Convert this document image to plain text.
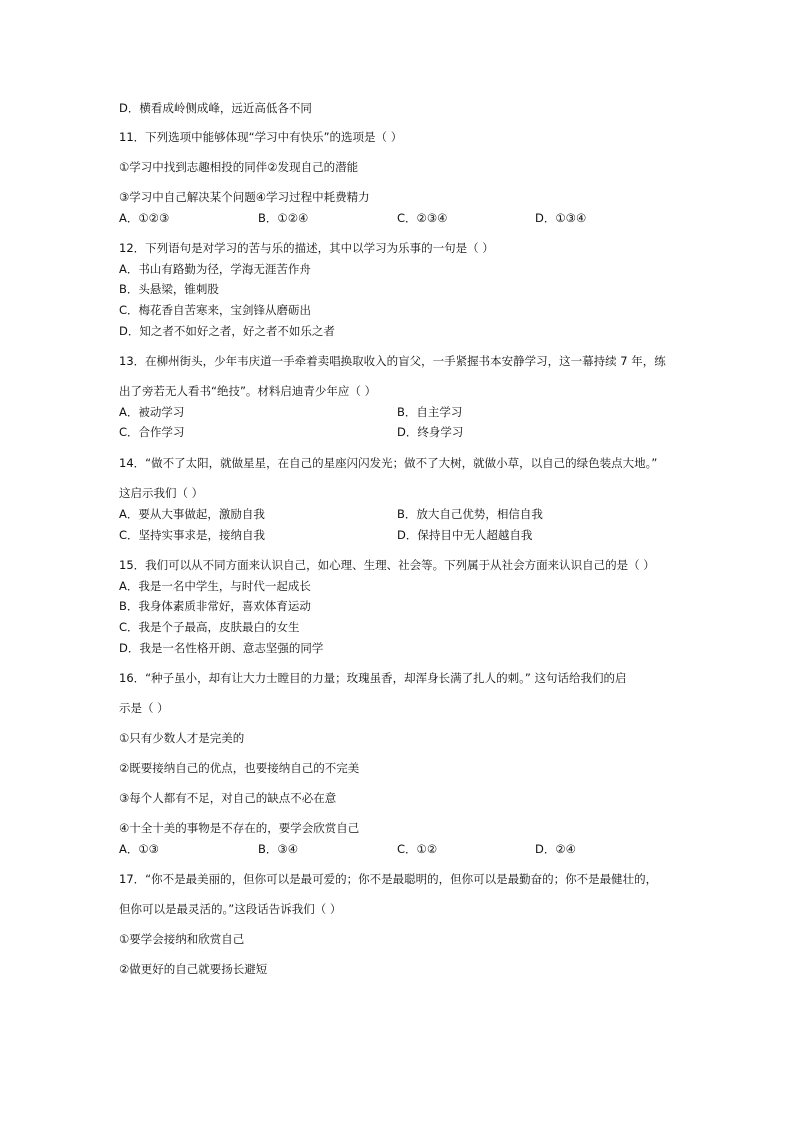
D．横看成岭侧成峰，远近高低各不同
11．下列选项中能够体现“学习中有快乐”的选项是（ ）
①学习中找到志趣相投的同伴②发现自己的潜能
③学习中自己解决某个问题④学习过程中耗费精力
A．①②③	B．①②④	C．②③④	D．①③④
12．下列语句是对学习的苦与乐的描述，其中以学习为乐事的一句是（ ）
A．书山有路勤为径，学海无涯苦作舟
B．头悬梁，锥刺股
C．梅花香自苦寒来，宝剑锋从磨砺出
D．知之者不如好之者，好之者不如乐之者
13．在柳州街头，少年韦庆道一手牵着卖唱换取收入的盲父，一手紧握书本安静学习，这一幕持续 7 年，练
出了旁若无人看书“绝技”。材料启迪青少年应（ ）
A．被动学习	B．自主学习
C．合作学习	D．终身学习
14．“做不了太阳，就做星星，在自己的星座闪闪发光；做不了大树，就做小草，以自己的绿色装点大地。”
这启示我们（ ）
A．要从大事做起，激励自我	B．放大自己优势，相信自我
C．坚持实事求是，接纳自我	D．保持目中无人超越自我
15．我们可以从不同方面来认识自己，如心理、生理、社会等。下列属于从社会方面来认识自己的是（ ）
A．我是一名中学生，与时代一起成长
B．我身体素质非常好，喜欢体育运动
C．我是个子最高，皮肤最白的女生
D．我是一名性格开朗、意志坚强的同学
16．“种子虽小，却有让大力士瞠目的力量；玫瑰虽香，却浑身长满了扎人的刺。” 这句话给我们的启
示是（ ）
①只有少数人才是完美的
②既要接纳自己的优点，也要接纳自己的不完美
③每个人都有不足，对自己的缺点不必在意
④十全十美的事物是不存在的，要学会欣赏自己
A．①③	B．③④	C．①②	D．②④
17．“你不是最美丽的，但你可以是最可爱的；你不是最聪明的，但你可以是最勤奋的；你不是最健壮的，
但你可以是最灵活的。”这段话告诉我们（ ）
①要学会接纳和欣赏自己
②做更好的自己就要扬长避短
